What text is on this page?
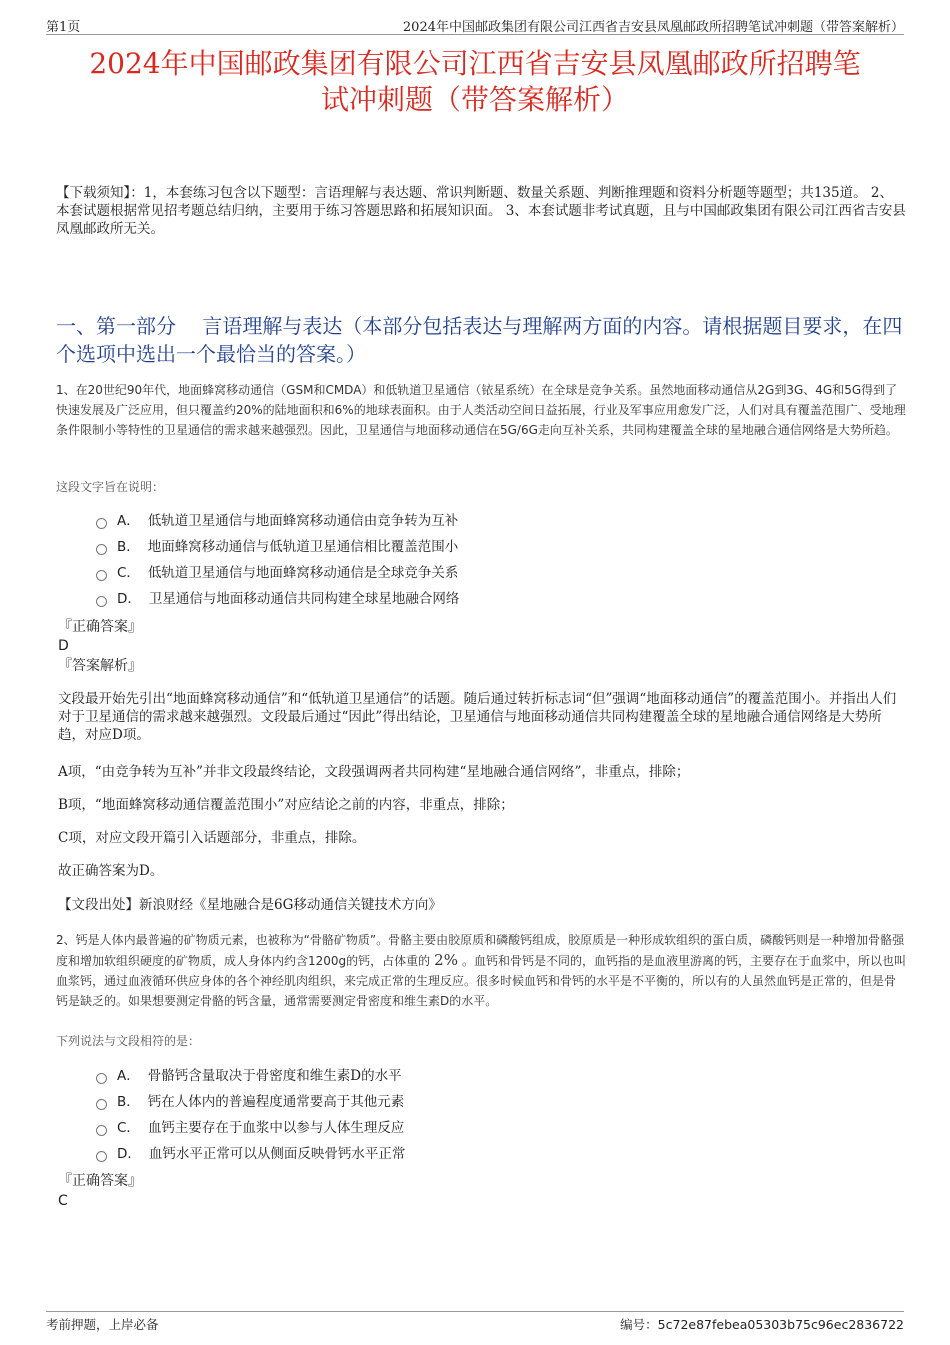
第1页	2024年中国邮政集团有限公司江西省吉安县凤凰邮政所招聘笔试冲刺题（带答案解析）
2024年中国邮政集团有限公司江西省吉安县凤凰邮政所招聘笔
试冲刺题（带答案解析）
【下载须知】：1，本套练习包含以下题型：言语理解与表达题、常识判断题、数量关系题、判断推理题和资料分析题等题型；共135道。 2、本套试题根据常见招考题总结归纳，主要用于练习答题思路和拓展知识面。 3、本套试题非考试真题，且与中国邮政集团有限公司江西省吉安县凤凰邮政所无关。
一、第一部分　 言语理解与表达（本部分包括表达与理解两方面的内容。请根据题目要求，在四个选项中选出一个最恰当的答案。）
1、在20世纪90年代，地面蜂窝移动通信（GSM和CMDA）和低轨道卫星通信（铱星系统）在全球是竞争关系。虽然地面移动通信从2G到3G、4G和5G得到了快速发展及广泛应用，但只覆盖约20%的陆地面积和6%的地球表面积。由于人类活动空间日益拓展，行业及军事应用愈发广泛，人们对具有覆盖范围广、受地理条件限制小等特性的卫星通信的需求越来越强烈。因此，卫星通信与地面移动通信在5G/6G走向互补关系，共同构建覆盖全球的星地融合通信网络是大势所趋。
这段文字旨在说明：
A． 低轨道卫星通信与地面蜂窝移动通信由竞争转为互补
B． 地面蜂窝移动通信与低轨道卫星通信相比覆盖范围小
C． 低轨道卫星通信与地面蜂窝移动通信是全球竞争关系
D． 卫星通信与地面移动通信共同构建全球星地融合网络
『正确答案』
D
『答案解析』
文段最开始先引出“地面蜂窝移动通信”和“低轨道卫星通信”的话题。随后通过转折标志词“但”强调“地面移动通信”的覆盖范围小。并指出人们对于卫星通信的需求越来越强烈。文段最后通过“因此”得出结论，卫星通信与地面移动通信共同构建覆盖全球的星地融合通信网络是大势所趋，对应D项。
A项，“由竞争转为互补”并非文段最终结论，文段强调两者共同构建“星地融合通信网络”，非重点，排除；
B项，“地面蜂窝移动通信覆盖范围小”对应结论之前的内容，非重点，排除；
C项，对应文段开篇引入话题部分，非重点，排除。
故正确答案为D。
【文段出处】新浪财经《星地融合是6G移动通信关键技术方向》
2、钙是人体内最普遍的矿物质元素，也被称为“骨骼矿物质”。骨骼主要由胶原质和磷酸钙组成，胶原质是一种形成软组织的蛋白质，磷酸钙则是一种增加骨骼强度和增加软组织硬度的矿物质，成人身体内约含1200g的钙，占体重的 2% 。血钙和骨钙是不同的，血钙指的是血液里游离的钙，主要存在于血浆中，所以也叫血浆钙，通过血液循环供应身体的各个神经肌肉组织，来完成正常的生理反应。很多时候血钙和骨钙的水平是不平衡的，所以有的人虽然血钙是正常的，但是骨钙是缺乏的。如果想要测定骨骼的钙含量，通常需要测定骨密度和维生素D的水平。
下列说法与文段相符的是：
A． 骨骼钙含量取决于骨密度和维生素D的水平
B． 钙在人体内的普遍程度通常要高于其他元素
C． 血钙主要存在于血浆中以参与人体生理反应
D． 血钙水平正常可以从侧面反映骨钙水平正常
『正确答案』
C
考前押题，上岸必备	编号：5c72e87febea05303b75c96ec2836722
